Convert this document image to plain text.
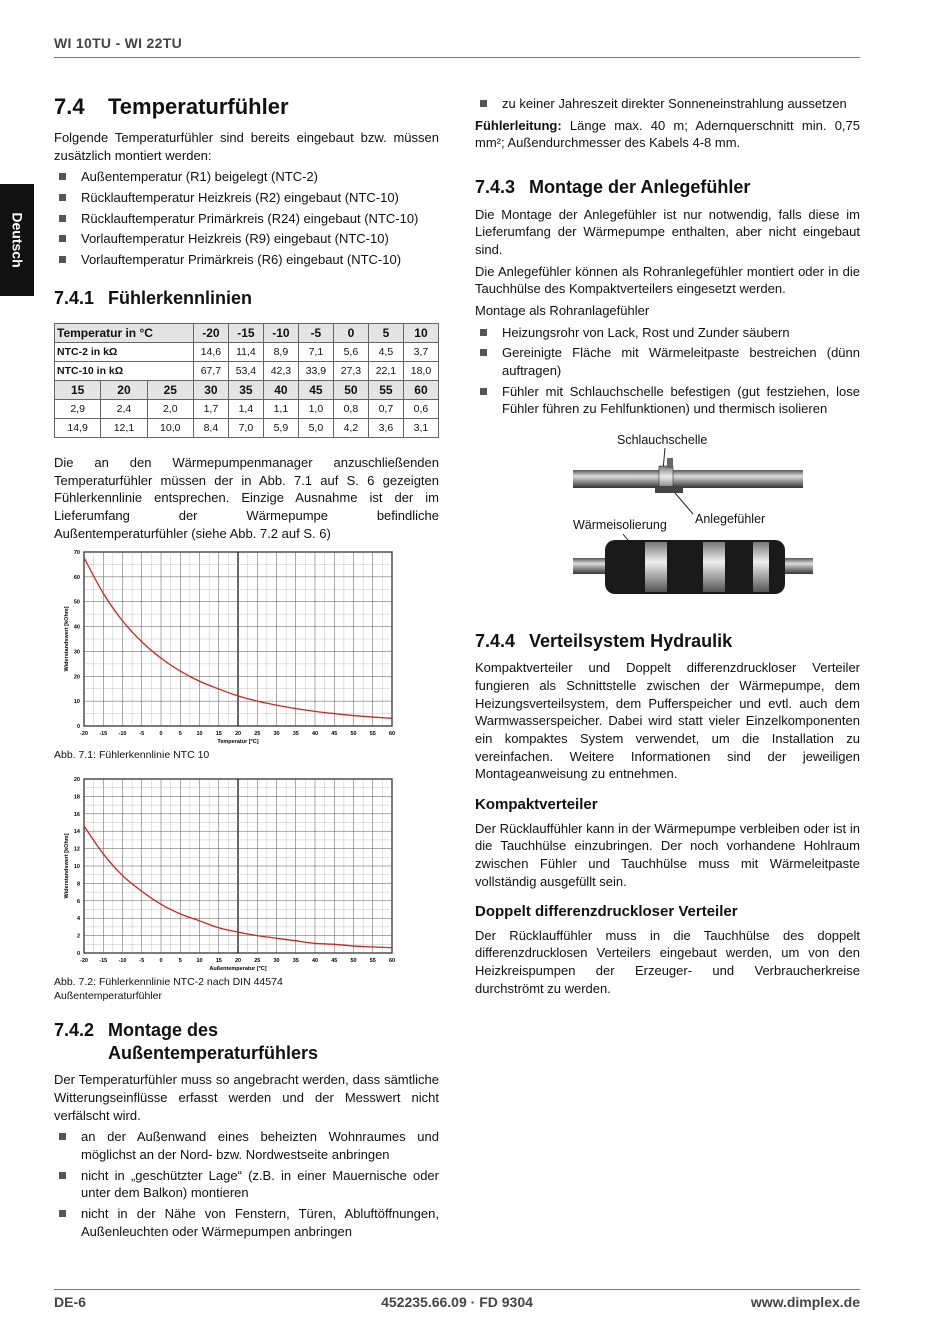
WI 10TU - WI 22TU
Deutsch
7.4 Temperaturfühler

Folgende Temperaturfühler sind bereits eingebaut bzw. müssen zusätzlich montiert werden:

Außentemperatur (R1) beigelegt (NTC-2)
Rücklauftemperatur Heizkreis (R2) eingebaut (NTC-10)
Rücklauftemperatur Primärkreis (R24) eingebaut (NTC-10)
Vorlauftemperatur Heizkreis (R9) eingebaut (NTC-10)
Vorlauftemperatur Primärkreis (R6) eingebaut (NTC-10)
7.4.1 Fühlerkennlinien
Temperatur in °C			-20	-15	-10	-5	0	5	10
NTC-2 in kΩ			14,6	11,4	8,9	7,1	5,6	4,5	3,7
NTC-10 in kΩ			67,7	53,4	42,3	33,9	27,3	22,1	18,0
15	20	25	30	35	40	45	50	55	60
2,9	2,4	2,0	1,7	1,4	1,1	1,0	0,8	0,7	0,6
14,9	12,1	10,0	8,4	7,0	5,9	5,0	4,2	3,6	3,1

Die an den Wärmepumpenmanager anzuschließenden Temperaturfühler müssen der in Abb. 7.1 auf S. 6 gezeigten Fühlerkennlinie entsprechen. Einzige Ausnahme ist der im Lieferumfang der Wärmepumpe befindliche Außentemperaturfühler (siehe Abb. 7.2 auf S. 6)

-20 -15 -10 -5	0	5	10 15 20 25 30 35 40 45 50 55 60
0
10
20
30
40
50
60
70
Temperatur [°C]
Widerstandswert [kOhm]
Abb. 7.1: Fühlerkennlinie NTC 10
-20 -15 -10 -5	0	5	10 15 20 25 30 35 40 45 50 55 60
0
2
4
6
8
10
12
14
16
18
20
Außentemperatur [°C]
Widerstandswert [kOhm]
Abb. 7.2: Fühlerkennlinie NTC-2 nach DIN 44574
Außentemperaturfühler
7.4.2 Montage des
Außentemperaturfühlers

Der Temperaturfühler muss so angebracht werden, dass sämtliche Witterungseinflüsse erfasst werden und der Messwert nicht verfälscht wird.

an der Außenwand eines beheizten Wohnraumes und möglichst an der Nord- bzw. Nordwestseite anbringen
nicht in „geschützter Lage“ (z.B. in einer Mauernische oder unter dem Balkon) montieren
nicht in der Nähe von Fenstern, Türen, Abluftöffnungen, Außenleuchten oder Wärmepumpen anbringen
zu keiner Jahreszeit direkter Sonneneinstrahlung aussetzen

Fühlerleitung: Länge max. 40 m; Adernquerschnitt min. 0,75 mm²; Außendurchmesser des Kabels 4-8 mm.

7.4.3 Montage der Anlegefühler

Die Montage der Anlegefühler ist nur notwendig, falls diese im Lieferumfang der Wärmepumpe enthalten, aber nicht eingebaut sind.

Die Anlegefühler können als Rohranlegefühler montiert oder in die Tauchhülse des Kompaktverteilers eingesetzt werden.

Montage als Rohranlagefühler

Heizungsrohr von Lack, Rost und Zunder säubern
Gereinigte Fläche mit Wärmeleitpaste bestreichen (dünn auftragen)
Fühler mit Schlauchschelle befestigen (gut festziehen, lose Fühler führen zu Fehlfunktionen) und thermisch isolieren
Schlauchschelle
Anlegefühler
Wärmeisolierung
7.4.4 Verteilsystem Hydraulik

Kompaktverteiler und Doppelt differenzdruckloser Verteiler fungieren als Schnittstelle zwischen der Wärmepumpe, dem Heizungsverteilsystem, dem Pufferspeicher und evtl. auch dem Warmwasserspeicher. Dabei wird statt vieler Einzelkomponenten ein kompaktes System verwendet, um die Installation zu vereinfachen. Weitere Informationen sind der jeweiligen Montageanweisung zu entnehmen.

Kompaktverteiler

Der Rücklauffühler kann in der Wärmepumpe verbleiben oder ist in die Tauchhülse einzubringen. Der noch vorhandene Hohlraum zwischen Fühler und Tauchhülse muss mit Wärmeleitpaste vollständig ausgefüllt sein.

Doppelt differenzdruckloser Verteiler

Der Rücklauffühler muss in die Tauchhülse des doppelt differenzdrucklosen Verteilers eingebaut werden, um von den Heizkreispumpen der Erzeuger- und Verbraucherkreise durchströmt zu werden.

DE-6	452235.66.09 · FD 9304	www.dimplex.de
